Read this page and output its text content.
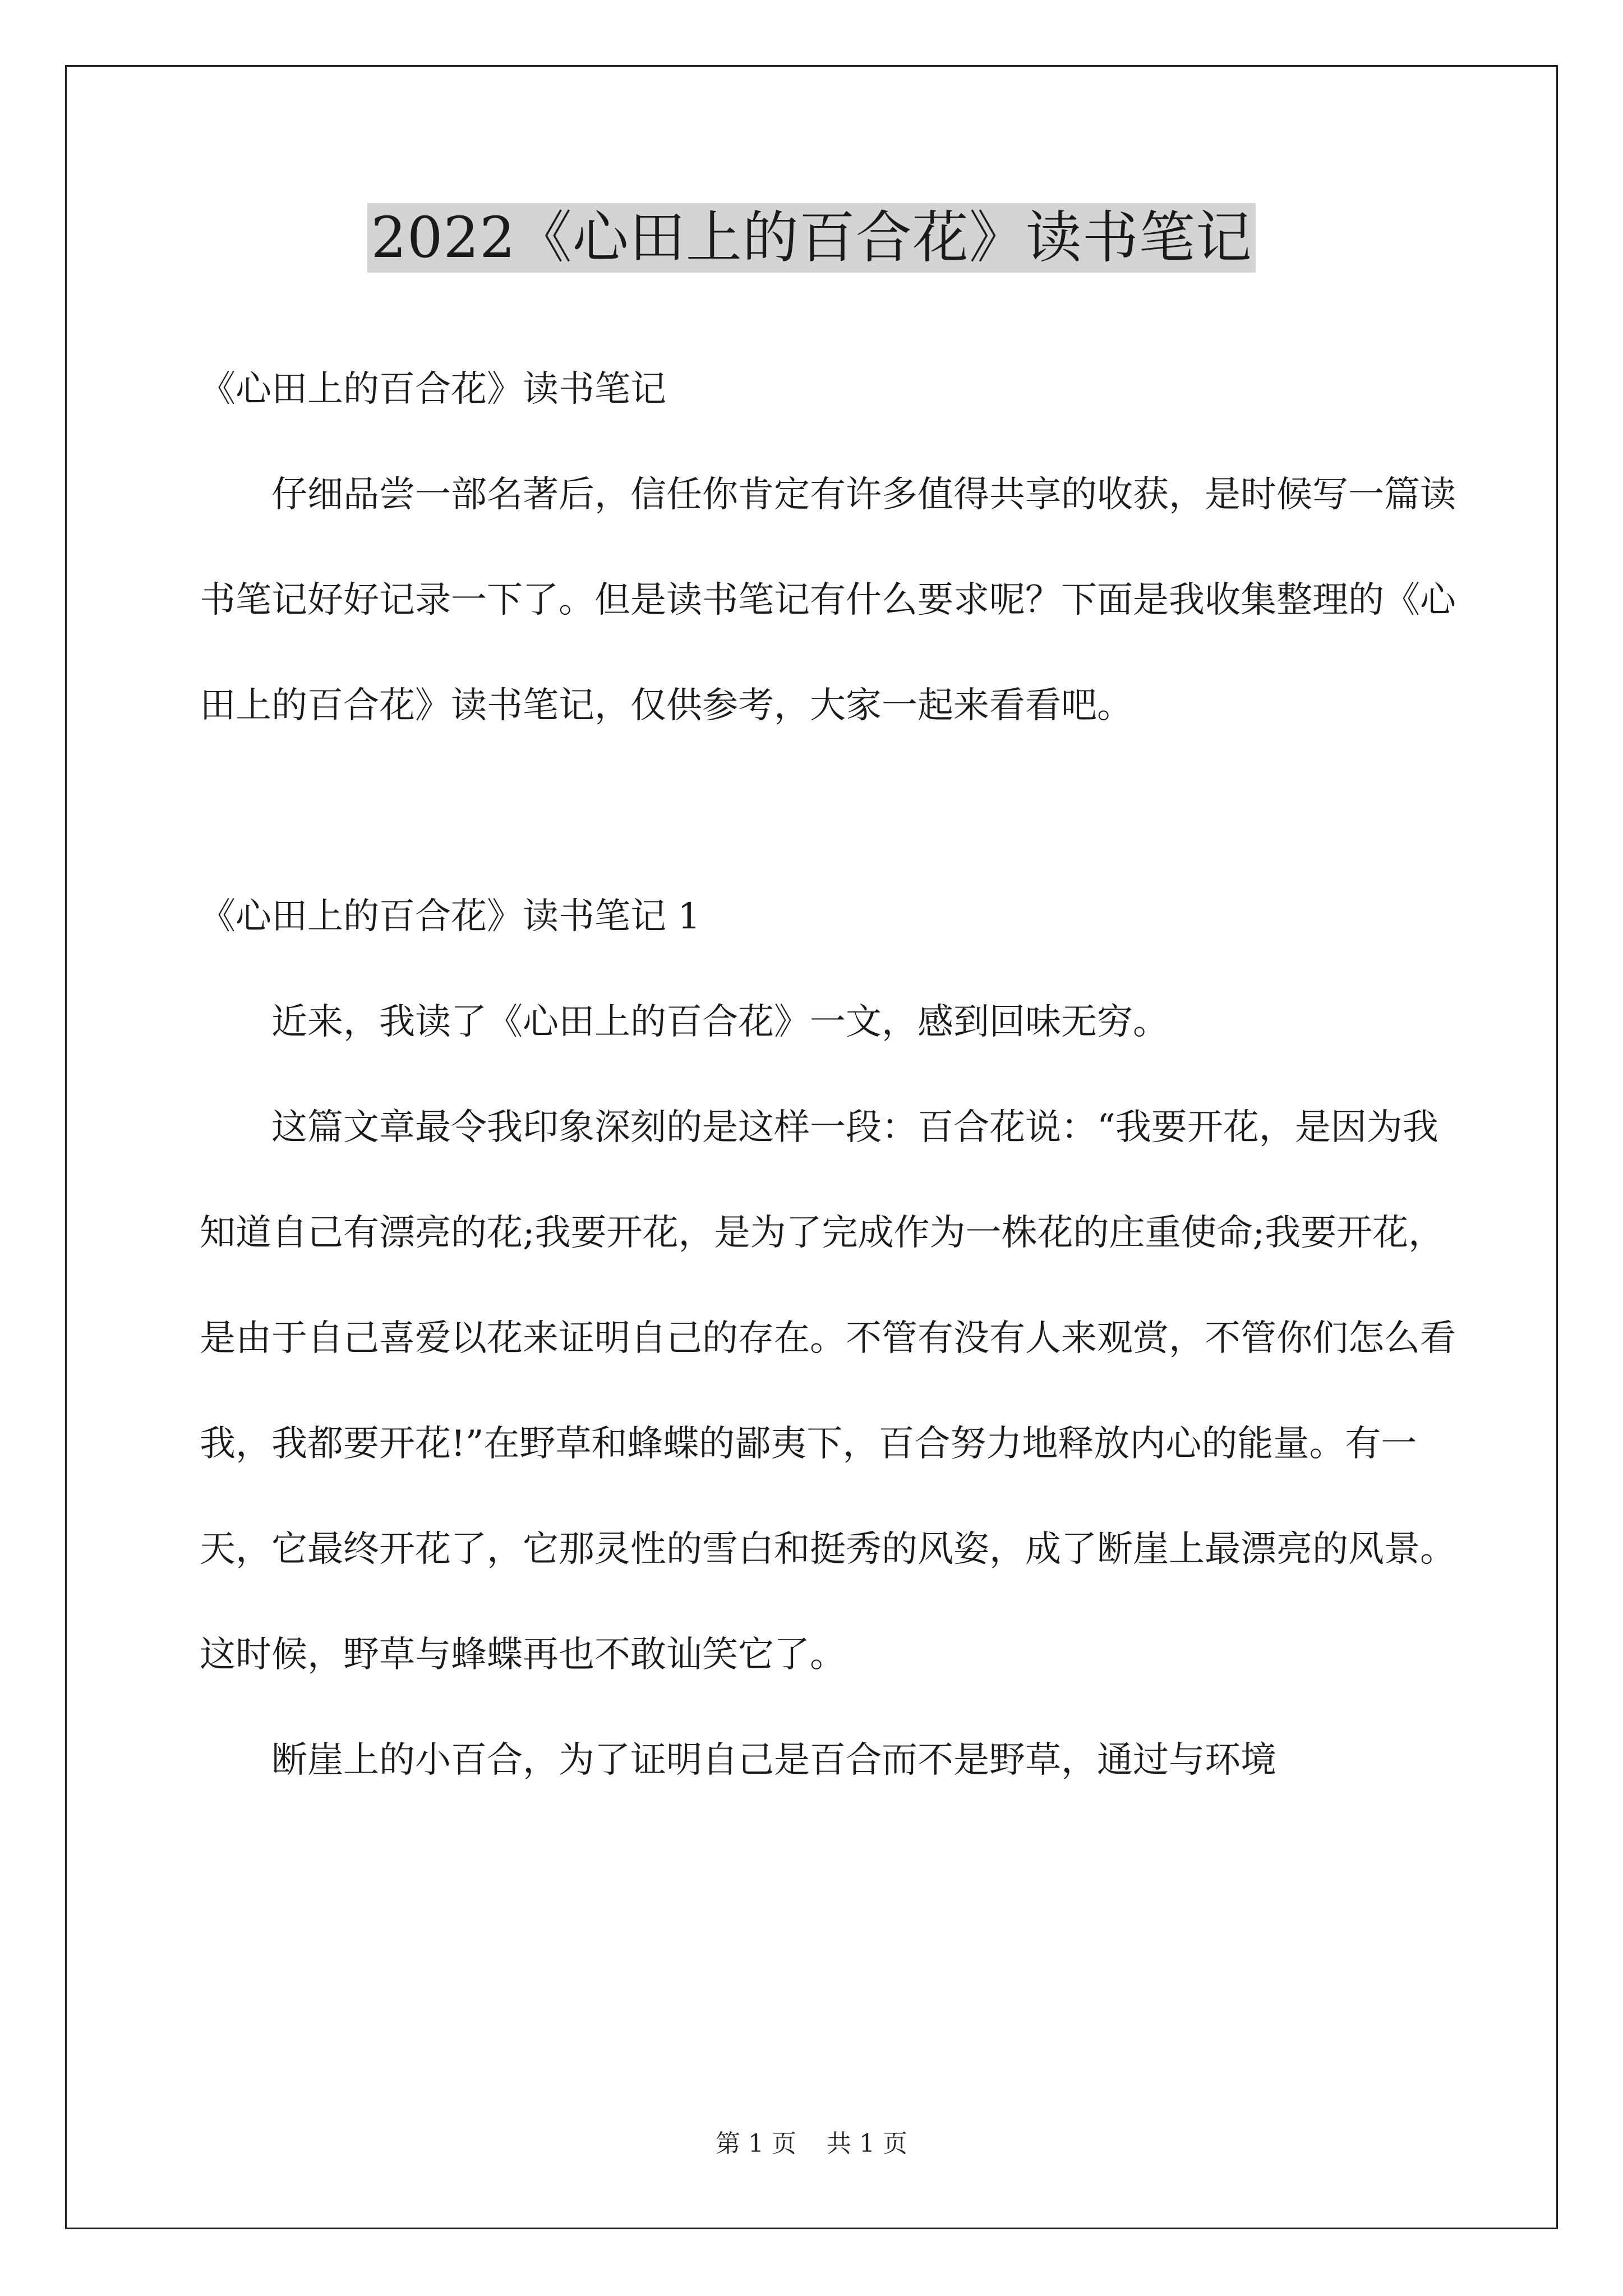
2022《心田上的百合花》读书笔记

《心田上的百合花》读书笔记

仔细品尝一部名著后，信任你肯定有许多值得共享的收获，是时候写一篇读书笔记好好记录一下了。但是读书笔记有什么要求呢？下面是我收集整理的《心田上的百合花》读书笔记，仅供参考，大家一起来看看吧。

《心田上的百合花》读书笔记 1

近来，我读了《心田上的百合花》一文，感到回味无穷。

这篇文章最令我印象深刻的是这样一段：百合花说：“我要开花，是因为我知道自己有漂亮的花;我要开花，是为了完成作为一株花的庄重使命;我要开花，是由于自己喜爱以花来证明自己的存在。不管有没有人来观赏，不管你们怎么看我，我都要开花!”在野草和蜂蝶的鄙夷下，百合努力地释放内心的能量。有一天，它最终开花了，它那灵性的雪白和挺秀的风姿，成了断崖上最漂亮的风景。这时候，野草与蜂蝶再也不敢讪笑它了。

断崖上的小百合，为了证明自己是百合而不是野草，通过与环境

第 1 页 共 1 页
